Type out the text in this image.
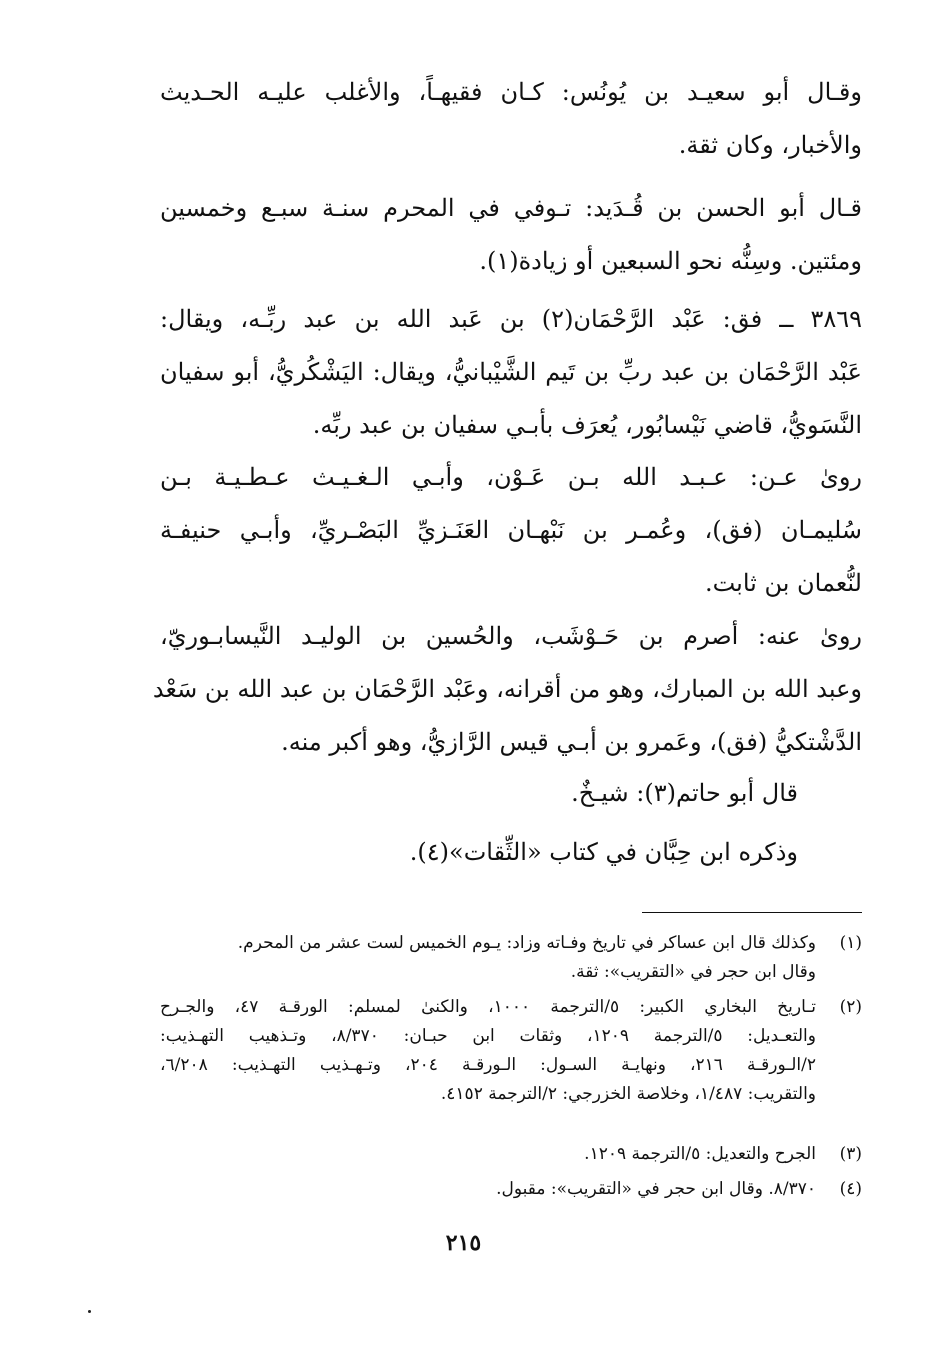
وقـال أبو سعيـد بن يُونُس: كـان فقيهـاً، والأغلب عليـه الحـديث
والأخبار، وكان ثقة.
قـال أبو الحسن بن قُـدَيد: تـوفي في المحرم سنـة سبـع وخمسين
ومئتين. وسِنُّه نحو السبعين أو زيادة(١).
٣٨٦٩ ــ فق: عَبْد الرَّحْمَان(٢) بن عَبد الله بن عبد ربِّـه، ويقال:
عَبْد الرَّحْمَان بن عبد ربِّ بن تَيم الشَّيْبانيُّ، ويقال: اليَشْكُريُّ، أبو سفيان
النَّسَويُّ، قاضي نَيْسابُور، يُعرَف بأبـي سفيان بن عبد ربِّه.
روىٰ عـن: عـبـد الله بـن عَـوْن، وأبـي الـغـيـث عـطـيـة بـن
سُليمـان (فق)، وعُمـر بن نَبْهـان العَنَـزيِّ البَصْـريِّ، وأبـي حنيفـة
لنُّعمان بن ثابت.
روىٰ عنه: أصرم بن حَـوْشَب، والحُسين بن الوليـد النَّيسابـوريّ،
وعبد الله بن المبارك، وهو من أقرانه، وعَبْد الرَّحْمَان بن عبد الله بن سَعْد
الدَّشْتكيُّ (فق)، وعَمرو بن أبـي قيس الرَّازيُّ، وهو أكبر منه.
قال أبو حاتم(٣): شيـخٌ.
وذكره ابن حِبَّان في كتاب «الثِّقات»(٤).
(١)
وكذلك قال ابن عساكر في تاريخ وفـاته وزاد: يـوم الخميس لست عشر من المحرم.
وقال ابن حجر في «التقريب»: ثقة.
(٢)
تـاريخ البخاري الكبير: ٥/الترجمة ١٠٠٠، والكنىٰ لمسلم: الورقـة ٤٧، والجـرح
والتعـديل: ٥/الترجمة ١٢٠٩، وثقات ابن حبـان: ٨/٣٧٠، وتـذهيب التهـذيب:
٢/الـورقـة ٢١٦، ونهايـة السـول: الـورقـة ٢٠٤، وتـهـذيب التهـذيب: ٦/٢٠٨،
والتقريب: ١/٤٨٧، وخلاصة الخزرجي: ٢/الترجمة ٤١٥٢.
(٣)
الجرح والتعديل: ٥/الترجمة ١٢٠٩.
(٤)
٨/٣٧٠. وقال ابن حجر في «التقريب»: مقبول.
٢١٥
